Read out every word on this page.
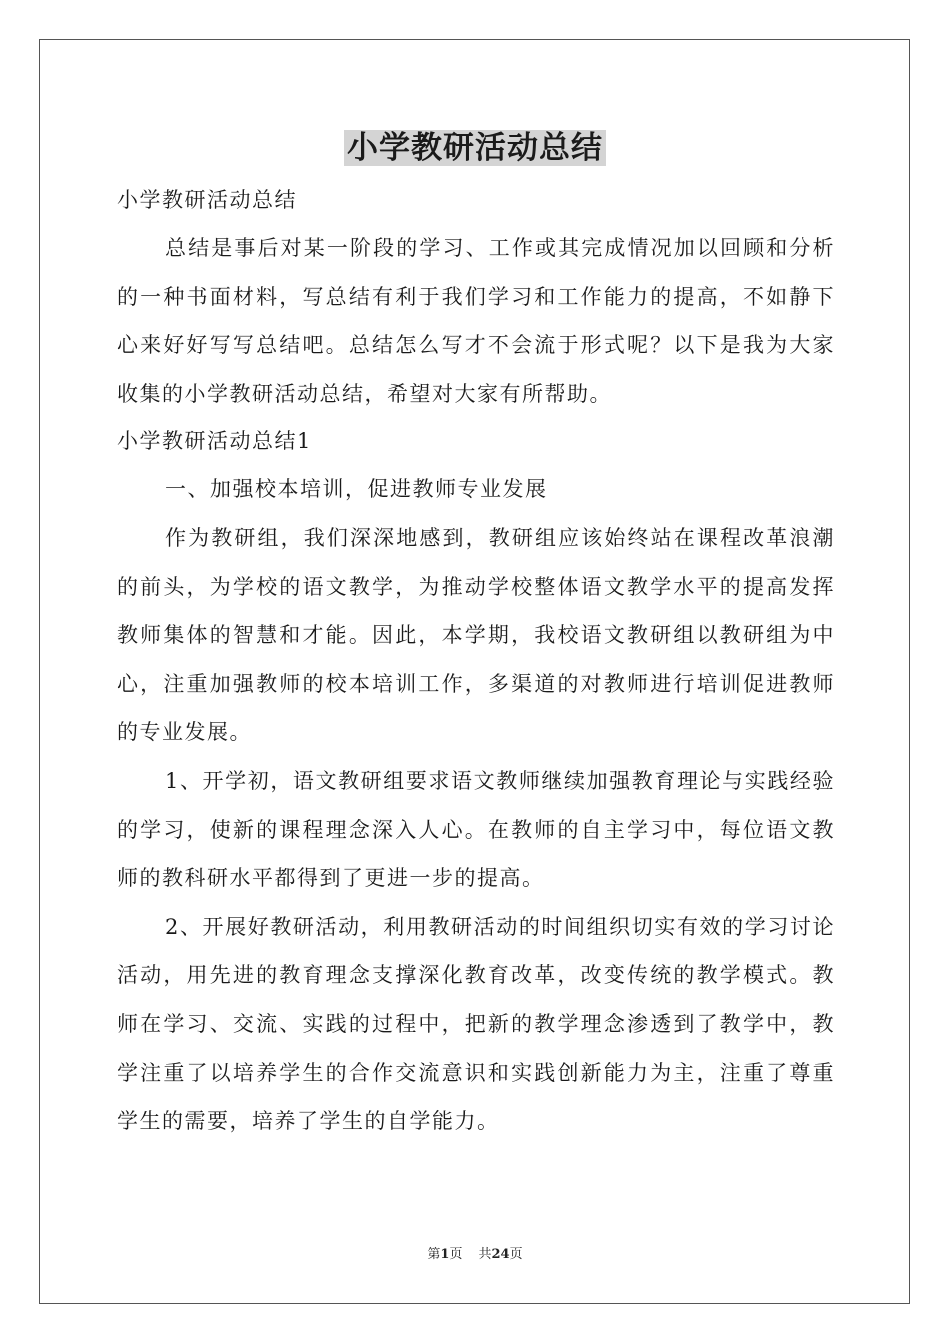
小学教研活动总结

小学教研活动总结

总结是事后对某一阶段的学习、工作或其完成情况加以回顾和分析的一种书面材料，写总结有利于我们学习和工作能力的提高，不如静下心来好好写写总结吧。总结怎么写才不会流于形式呢？以下是我为大家收集的小学教研活动总结，希望对大家有所帮助。

小学教研活动总结1

一、加强校本培训，促进教师专业发展

作为教研组，我们深深地感到，教研组应该始终站在课程改革浪潮的前头，为学校的语文教学，为推动学校整体语文教学水平的提高发挥教师集体的智慧和才能。因此，本学期，我校语文教研组以教研组为中心，注重加强教师的校本培训工作，多渠道的对教师进行培训促进教师的专业发展。

1、开学初，语文教研组要求语文教师继续加强教育理论与实践经验的学习，使新的课程理念深入人心。在教师的自主学习中，每位语文教师的教科研水平都得到了更进一步的提高。

2、开展好教研活动，利用教研活动的时间组织切实有效的学习讨论活动，用先进的教育理念支撑深化教育改革，改变传统的教学模式。教师在学习、交流、实践的过程中，把新的教学理念渗透到了教学中，教学注重了以培养学生的合作交流意识和实践创新能力为主，注重了尊重学生的需要，培养了学生的自学能力。

第1页 共24页
